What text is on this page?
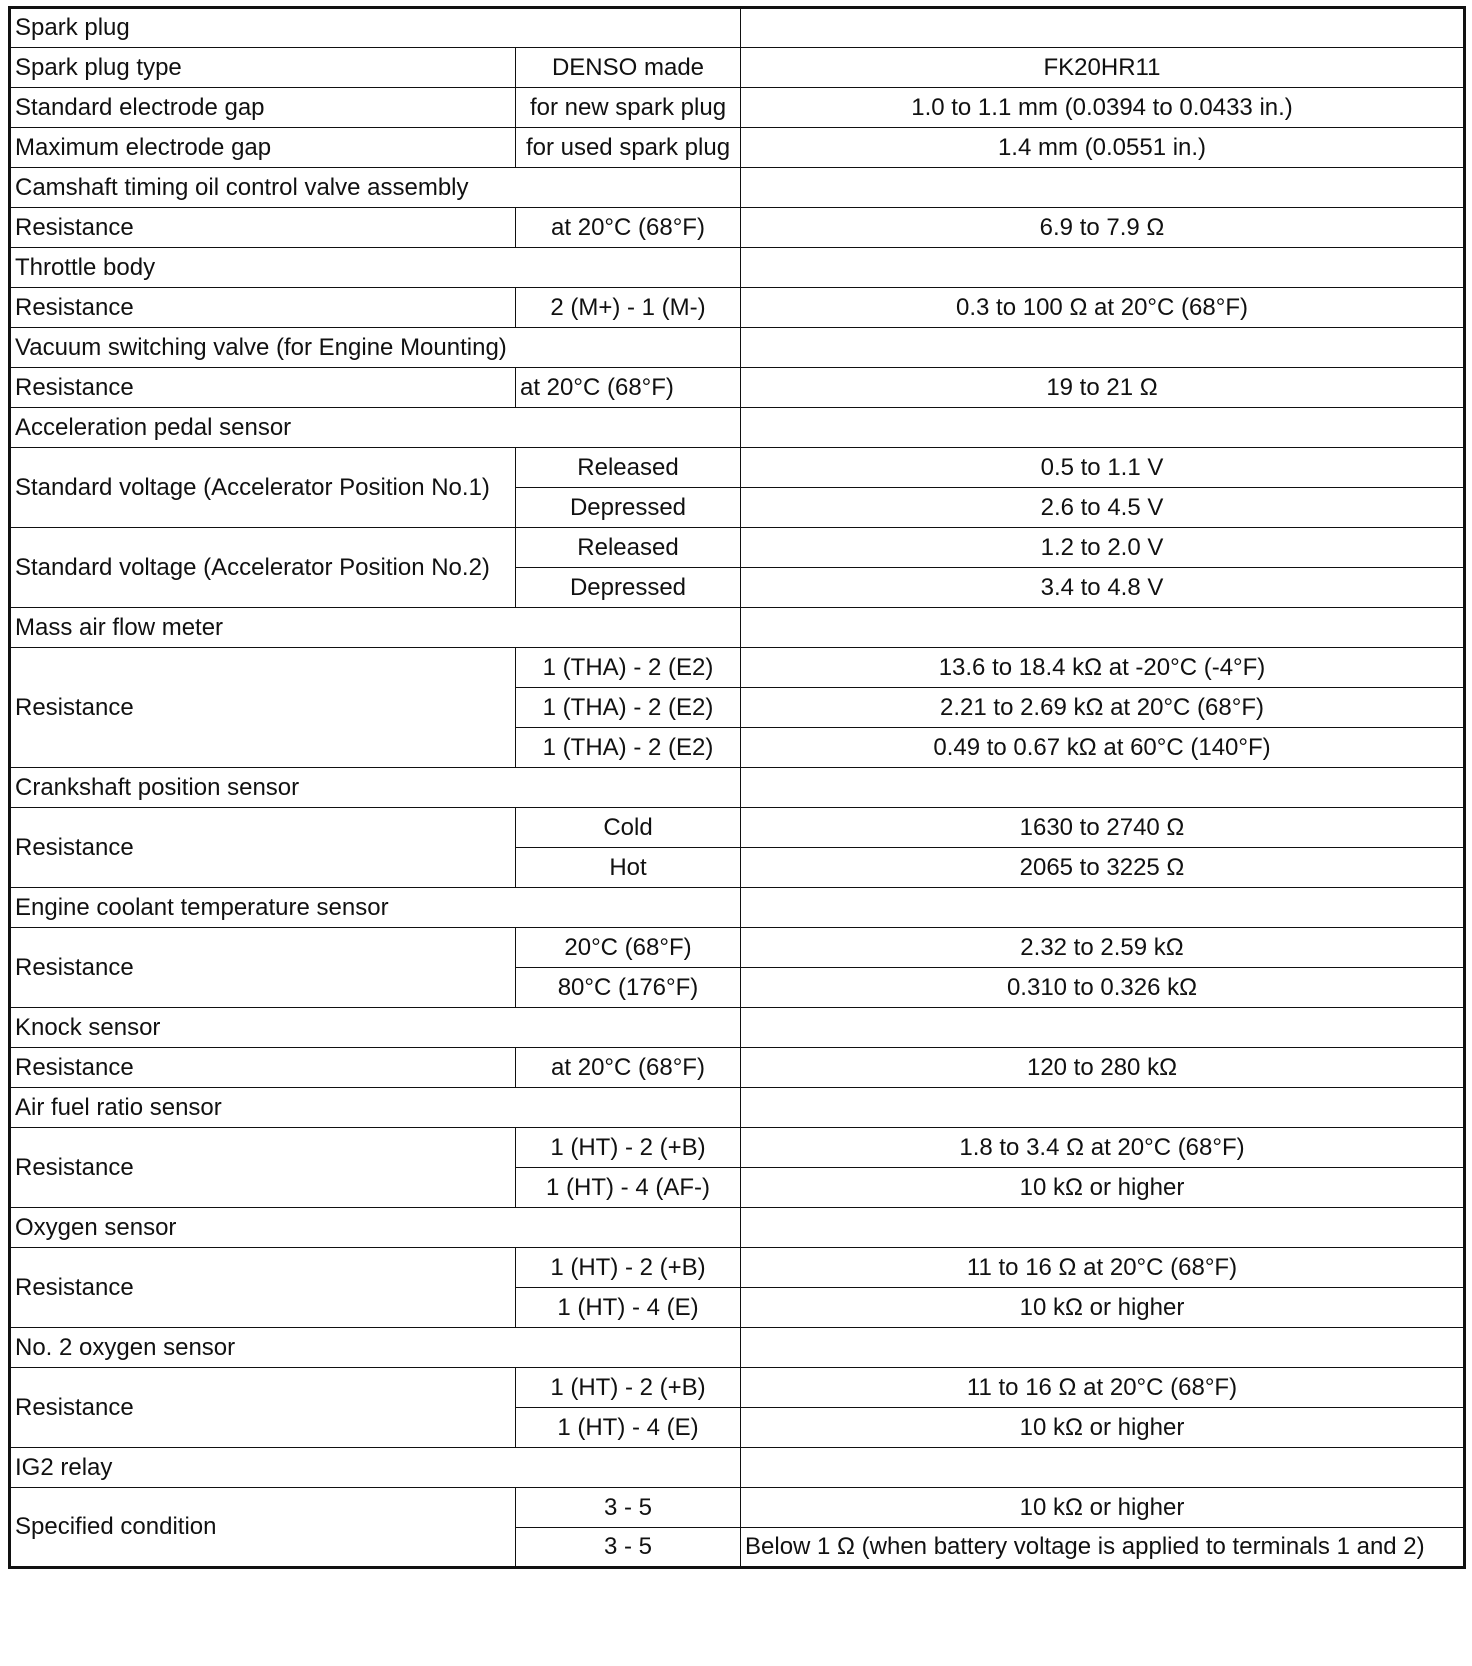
Spark plug		
Spark plug type	DENSO made	FK20HR11
Standard electrode gap	for new spark plug	1.0 to 1.1 mm (0.0394 to 0.0433 in.)
Maximum electrode gap	for used spark plug	1.4 mm (0.0551 in.)
Camshaft timing oil control valve assembly		
Resistance	at 20°C (68°F)	6.9 to 7.9 Ω
Throttle body		
Resistance	2 (M+) - 1 (M-)	0.3 to 100 Ω at 20°C (68°F)
Vacuum switching valve (for Engine Mounting)		
Resistance	at 20°C (68°F)	19 to 21 Ω
Acceleration pedal sensor		
Standard voltage (Accelerator Position No.1)	Released	0.5 to 1.1 V
	Depressed	2.6 to 4.5 V
Standard voltage (Accelerator Position No.2)	Released	1.2 to 2.0 V
	Depressed	3.4 to 4.8 V
Mass air flow meter		
Resistance	1 (THA) - 2 (E2)	13.6 to 18.4 kΩ at -20°C (-4°F)
	1 (THA) - 2 (E2)	2.21 to 2.69 kΩ at 20°C (68°F)
	1 (THA) - 2 (E2)	0.49 to 0.67 kΩ at 60°C (140°F)
Crankshaft position sensor		
Resistance	Cold	1630 to 2740 Ω
	Hot	2065 to 3225 Ω
Engine coolant temperature sensor		
Resistance	20°C (68°F)	2.32 to 2.59 kΩ
	80°C (176°F)	0.310 to 0.326 kΩ
Knock sensor		
Resistance	at 20°C (68°F)	120 to 280 kΩ
Air fuel ratio sensor		
Resistance	1 (HT) - 2 (+B)	1.8 to 3.4 Ω at 20°C (68°F)
	1 (HT) - 4 (AF-)	10 kΩ or higher
Oxygen sensor		
Resistance	1 (HT) - 2 (+B)	11 to 16 Ω at 20°C (68°F)
	1 (HT) - 4 (E)	10 kΩ or higher
No. 2 oxygen sensor		
Resistance	1 (HT) - 2 (+B)	11 to 16 Ω at 20°C (68°F)
	1 (HT) - 4 (E)	10 kΩ or higher
IG2 relay		
Specified condition	3 - 5	10 kΩ or higher
	3 - 5	Below 1 Ω (when battery voltage is applied to terminals 1 and 2)
